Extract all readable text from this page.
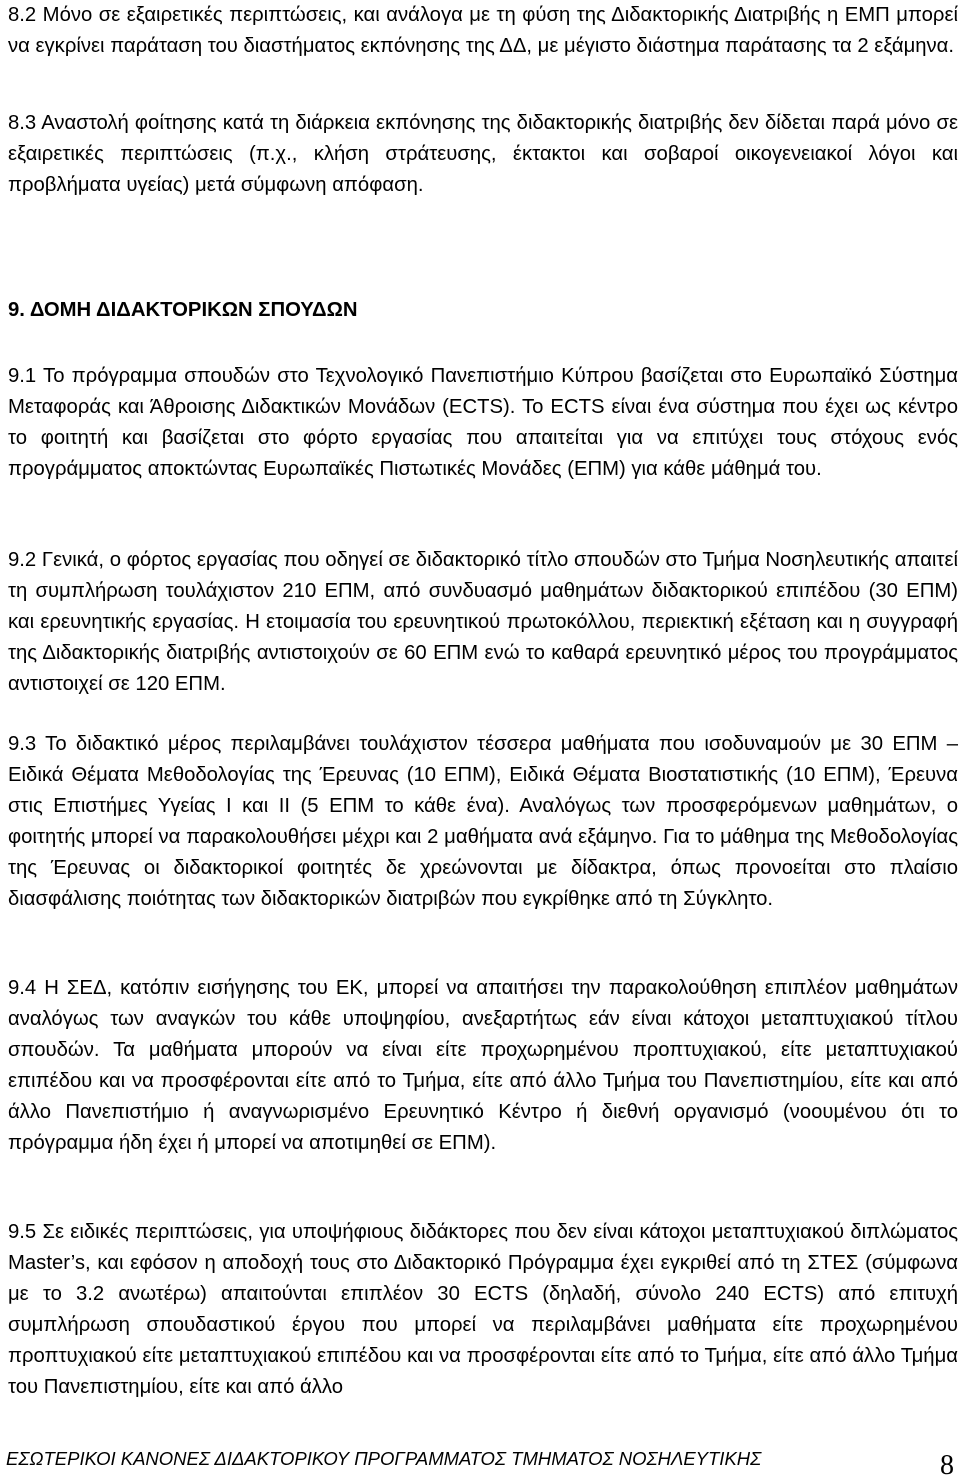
8.2 Μόνο σε εξαιρετικές περιπτώσεις, και ανάλογα με τη φύση της Διδακτορικής Διατριβής η ΕΜΠ μπορεί να εγκρίνει παράταση του διαστήματος εκπόνησης της ΔΔ, με μέγιστο διάστημα παράτασης τα 2 εξάμηνα.

8.3 Αναστολή φοίτησης κατά τη διάρκεια εκπόνησης της διδακτορικής διατριβής δεν δίδεται παρά μόνο σε εξαιρετικές περιπτώσεις (π.χ., κλήση στράτευσης, έκτακτοι και σοβαροί οικογενειακοί λόγοι και προβλήματα υγείας) μετά σύμφωνη απόφαση.

9. ΔΟΜΗ ΔΙΔΑΚΤΟΡΙΚΩΝ ΣΠΟΥΔΩΝ

9.1 Το πρόγραμμα σπουδών στο Τεχνολογικό Πανεπιστήμιο Κύπρου βασίζεται στο Ευρωπαϊκό Σύστημα Μεταφοράς και Άθροισης Διδακτικών Μονάδων (ECTS). Το ECTS είναι ένα σύστημα που έχει ως κέντρο το φοιτητή και βασίζεται στο φόρτο εργασίας που απαιτείται για να επιτύχει τους στόχους ενός προγράμματος αποκτώντας Ευρωπαϊκές Πιστωτικές Μονάδες (ΕΠΜ) για κάθε μάθημά του.

9.2 Γενικά, ο φόρτος εργασίας που οδηγεί σε διδακτορικό τίτλο σπουδών στο Τμήμα Νοσηλευτικής απαιτεί τη συμπλήρωση τουλάχιστον 210 ΕΠΜ, από συνδυασμό μαθημάτων διδακτορικού επιπέδου (30 ΕΠΜ) και ερευνητικής εργασίας. Η ετοιμασία του ερευνητικού πρωτοκόλλου, περιεκτική εξέταση και η συγγραφή της Διδακτορικής διατριβής αντιστοιχούν σε 60 ΕΠΜ ενώ το καθαρά ερευνητικό μέρος του προγράμματος αντιστοιχεί σε 120 ΕΠΜ.

9.3 Το διδακτικό μέρος περιλαμβάνει τουλάχιστον τέσσερα μαθήματα που ισοδυναμούν με 30 ΕΠΜ – Ειδικά Θέματα Μεθοδολογίας της Έρευνας (10 ΕΠΜ), Ειδικά Θέματα Βιοστατιστικής (10 ΕΠΜ), Έρευνα στις Επιστήμες Υγείας Ι και ΙΙ (5 ΕΠΜ το κάθε ένα). Αναλόγως των προσφερόμενων μαθημάτων, ο φοιτητής μπορεί να παρακολουθήσει μέχρι και 2 μαθήματα ανά εξάμηνο. Για το μάθημα της Μεθοδολογίας της Έρευνας οι διδακτορικοί φοιτητές δε χρεώνονται με δίδακτρα, όπως προνοείται στο πλαίσιο διασφάλισης ποιότητας των διδακτορικών διατριβών που εγκρίθηκε από τη Σύγκλητο.

9.4 Η ΣΕΔ, κατόπιν εισήγησης του ΕΚ, μπορεί να απαιτήσει την παρακολούθηση επιπλέον μαθημάτων αναλόγως των αναγκών του κάθε υποψηφίου, ανεξαρτήτως εάν είναι κάτοχοι μεταπτυχιακού τίτλου σπουδών. Τα μαθήματα μπορούν να είναι είτε προχωρημένου προπτυχιακού, είτε μεταπτυχιακού επιπέδου και να προσφέρονται είτε από το Τμήμα, είτε από άλλο Τμήμα του Πανεπιστημίου, είτε και από άλλο Πανεπιστήμιο ή αναγνωρισμένο Ερευνητικό Κέντρο ή διεθνή οργανισμό (νοουμένου ότι το πρόγραμμα ήδη έχει ή μπορεί να αποτιμηθεί σε ΕΠΜ).

9.5 Σε ειδικές περιπτώσεις, για υποψήφιους διδάκτορες που δεν είναι κάτοχοι μεταπτυχιακού διπλώματος Master’s, και εφόσον η αποδοχή τους στο Διδακτορικό Πρόγραμμα έχει εγκριθεί από τη ΣΤΕΣ (σύμφωνα με το 3.2 ανωτέρω) απαιτούνται επιπλέον 30 ECTS (δηλαδή, σύνολο 240 ECTS) από επιτυχή συμπλήρωση σπουδαστικού έργου που μπορεί να περιλαμβάνει μαθήματα είτε προχωρημένου προπτυχιακού είτε μεταπτυχιακού επιπέδου και να προσφέρονται είτε από το Τμήμα, είτε από άλλο Τμήμα του Πανεπιστημίου, είτε και από άλλο

ΕΣΩΤΕΡΙΚΟΙ ΚΑΝΟΝΕΣ ΔΙΔΑΚΤΟΡΙΚΟΥ ΠΡΟΓΡΑΜΜΑΤΟΣ ΤΜΗΜΑΤΟΣ ΝΟΣΗΛΕΥΤΙΚΗΣ	8
